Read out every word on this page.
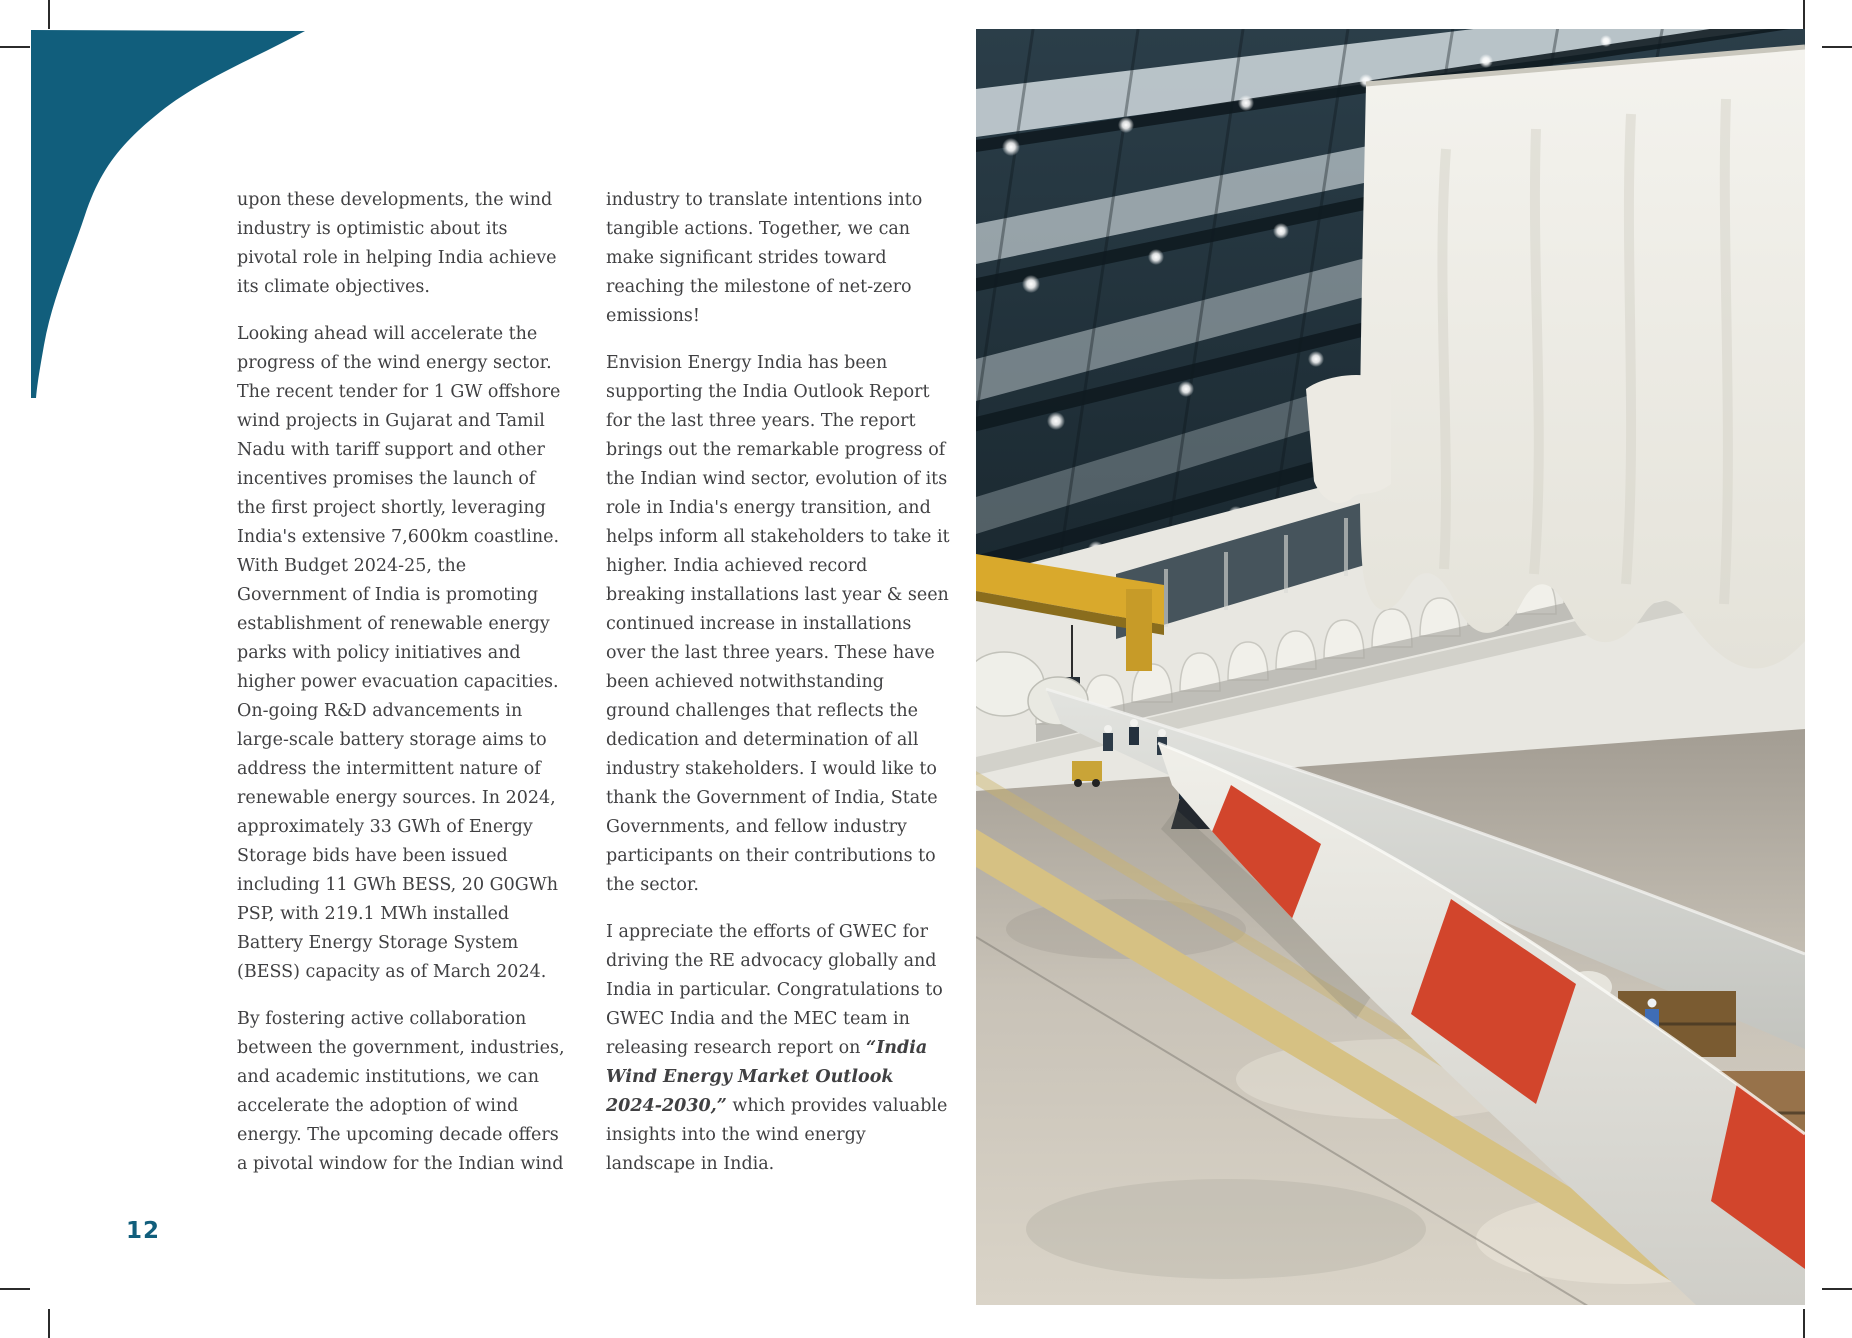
upon these developments, the wind industry is optimistic about its pivotal role in helping India achieve its climate objectives.

Looking ahead will accelerate the progress of the wind energy sector. The recent tender for 1 GW offshore wind projects in Gujarat and Tamil Nadu with tariff support and other incentives promises the launch of the first project shortly, leveraging India's extensive 7,600km coastline. With Budget 2024-25, the Government of India is promoting establishment of renewable energy parks with policy initiatives and higher power evacuation capacities. On-going R&D advancements in large-scale battery storage aims to address the intermittent nature of renewable energy sources. In 2024, approximately 33 GWh of Energy Storage bids have been issued including 11 GWh BESS, 20 G0GWh PSP, with 219.1 MWh installed Battery Energy Storage System (BESS) capacity as of March 2024.

By fostering active collaboration between the government, industries, and academic institutions, we can accelerate the adoption of wind energy. The upcoming decade offers a pivotal window for the Indian wind

industry to translate intentions into tangible actions. Together, we can make significant strides toward reaching the milestone of net-zero emissions!

Envision Energy India has been supporting the India Outlook Report for the last three years. The report brings out the remarkable progress of the Indian wind sector, evolution of its role in India's energy transition, and helps inform all stakeholders to take it higher. India achieved record breaking installations last year & seen continued increase in installations over the last three years. These have been achieved notwithstanding ground challenges that reflects the dedication and determination of all industry stakeholders. I would like to thank the Government of India, State Governments, and fellow industry participants on their contributions to the sector.

I appreciate the efforts of GWEC for driving the RE advocacy globally and India in particular. Congratulations to GWEC India and the MEC team in releasing research report on “India Wind Energy Market Outlook 2024-2030,” which provides valuable insights into the wind energy landscape in India.

12
